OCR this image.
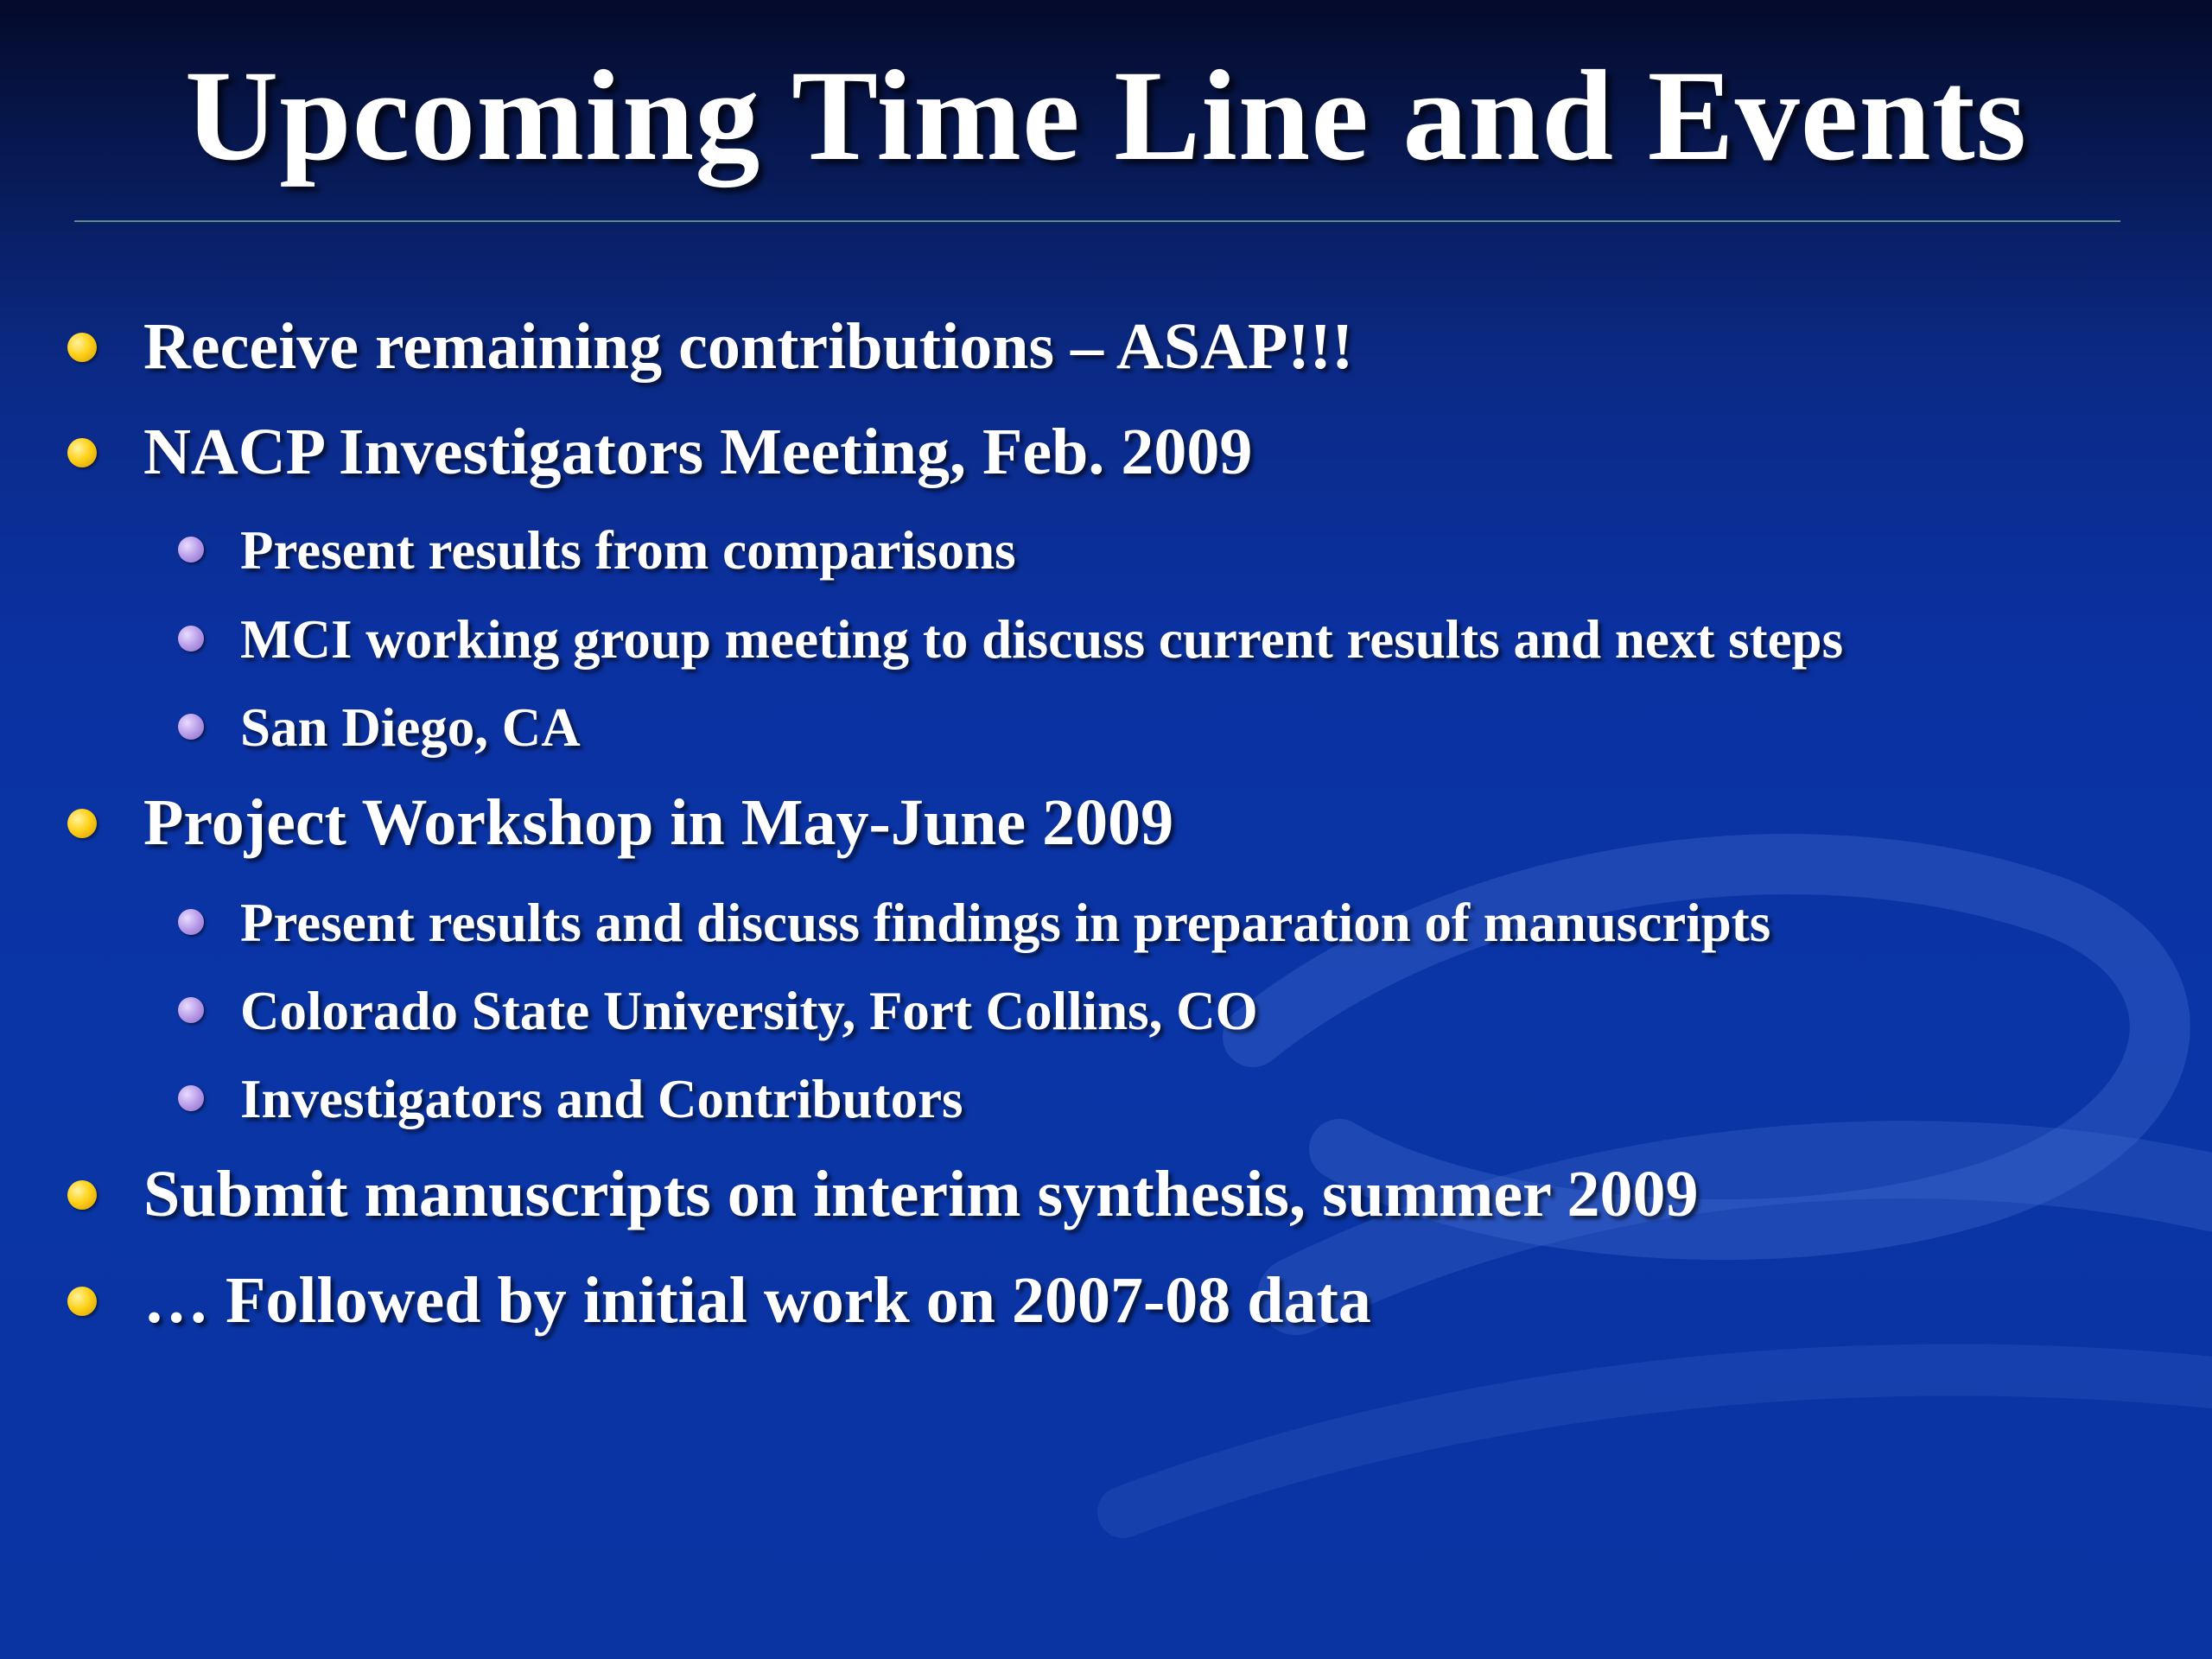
Upcoming Time Line and Events
Receive remaining contributions – ASAP!!!
NACP Investigators Meeting, Feb. 2009
Present results from comparisons
MCI working group meeting to discuss current results and next steps
San Diego, CA
Project Workshop in May-June 2009
Present results and discuss findings in preparation of manuscripts
Colorado State University, Fort Collins, CO
Investigators and Contributors
Submit manuscripts on interim synthesis, summer 2009
… Followed by initial work on 2007-08 data
